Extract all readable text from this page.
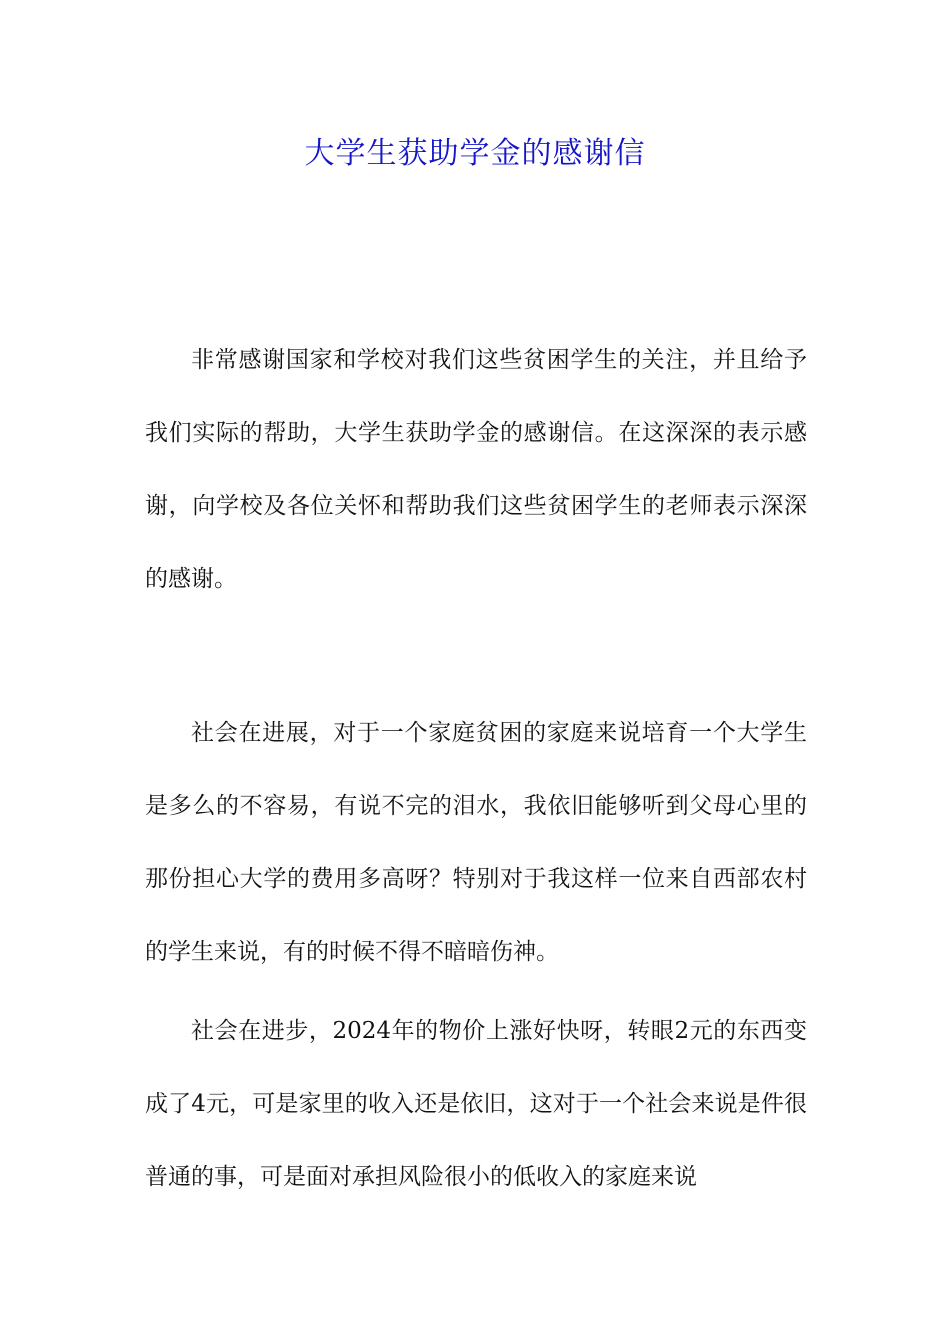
大学生获助学金的感谢信

非常感谢国家和学校对我们这些贫困学生的关注，并且给予我们实际的帮助，大学生获助学金的感谢信。在这深深的表示感谢，向学校及各位关怀和帮助我们这些贫困学生的老师表示深深的感谢。

社会在进展，对于一个家庭贫困的家庭来说培育一个大学生是多么的不容易，有说不完的泪水，我依旧能够听到父母心里的那份担心大学的费用多高呀？特别对于我这样一位来自西部农村的学生来说，有的时候不得不暗暗伤神。

社会在进步，2024年的物价上涨好快呀，转眼2元的东西变成了4元，可是家里的收入还是依旧，这对于一个社会来说是件很普通的事，可是面对承担风险很小的低收入的家庭来说
